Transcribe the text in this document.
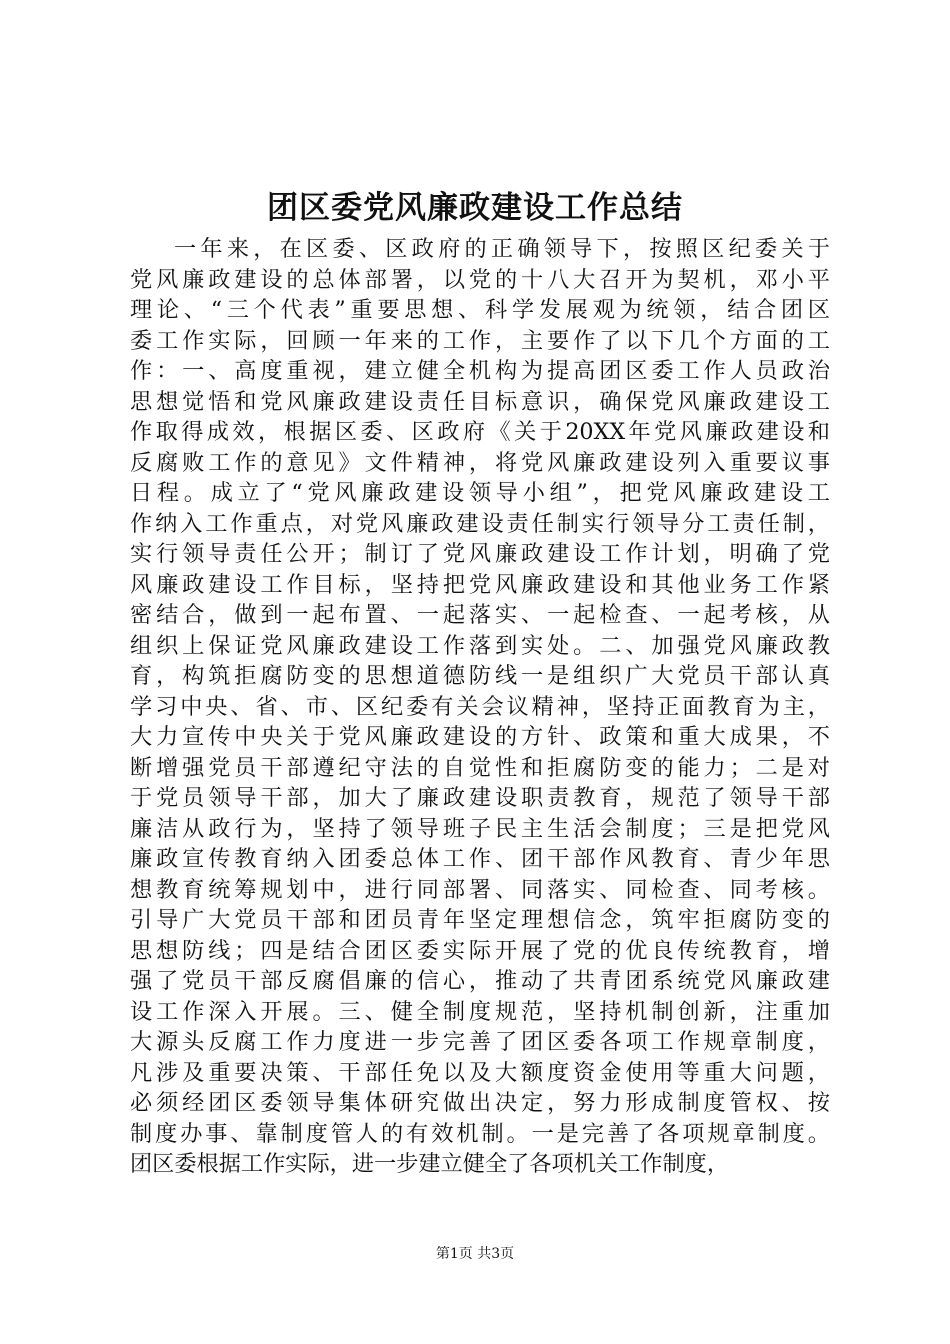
团区委党风廉政建设工作总结
一年来，在区委、区政府的正确领导下，按照区纪委关于
党风廉政建设的总体部署，以党的十八大召开为契机，邓小平
理论、“三个代表”重要思想、科学发展观为统领，结合团区
委工作实际，回顾一年来的工作，主要作了以下几个方面的工
作：一、高度重视，建立健全机构为提高团区委工作人员政治
思想觉悟和党风廉政建设责任目标意识，确保党风廉政建设工
作取得成效，根据区委、区政府《关于20XX年党风廉政建设和
反腐败工作的意见》文件精神，将党风廉政建设列入重要议事
日程。成立了“党风廉政建设领导小组”，把党风廉政建设工
作纳入工作重点，对党风廉政建设责任制实行领导分工责任制，
实行领导责任公开；制订了党风廉政建设工作计划，明确了党
风廉政建设工作目标，坚持把党风廉政建设和其他业务工作紧
密结合，做到一起布置、一起落实、一起检查、一起考核，从
组织上保证党风廉政建设工作落到实处。二、加强党风廉政教
育，构筑拒腐防变的思想道德防线一是组织广大党员干部认真
学习中央、省、市、区纪委有关会议精神，坚持正面教育为主，
大力宣传中央关于党风廉政建设的方针、政策和重大成果，不
断增强党员干部遵纪守法的自觉性和拒腐防变的能力；二是对
于党员领导干部，加大了廉政建设职责教育，规范了领导干部
廉洁从政行为，坚持了领导班子民主生活会制度；三是把党风
廉政宣传教育纳入团委总体工作、团干部作风教育、青少年思
想教育统筹规划中，进行同部署、同落实、同检查、同考核。
引导广大党员干部和团员青年坚定理想信念，筑牢拒腐防变的
思想防线；四是结合团区委实际开展了党的优良传统教育，增
强了党员干部反腐倡廉的信心，推动了共青团系统党风廉政建
设工作深入开展。三、健全制度规范，坚持机制创新，注重加
大源头反腐工作力度进一步完善了团区委各项工作规章制度，
凡涉及重要决策、干部任免以及大额度资金使用等重大问题，
必须经团区委领导集体研究做出决定，努力形成制度管权、按
制度办事、靠制度管人的有效机制。一是完善了各项规章制度。
团区委根据工作实际，进一步建立健全了各项机关工作制度，
第1页 共3页
